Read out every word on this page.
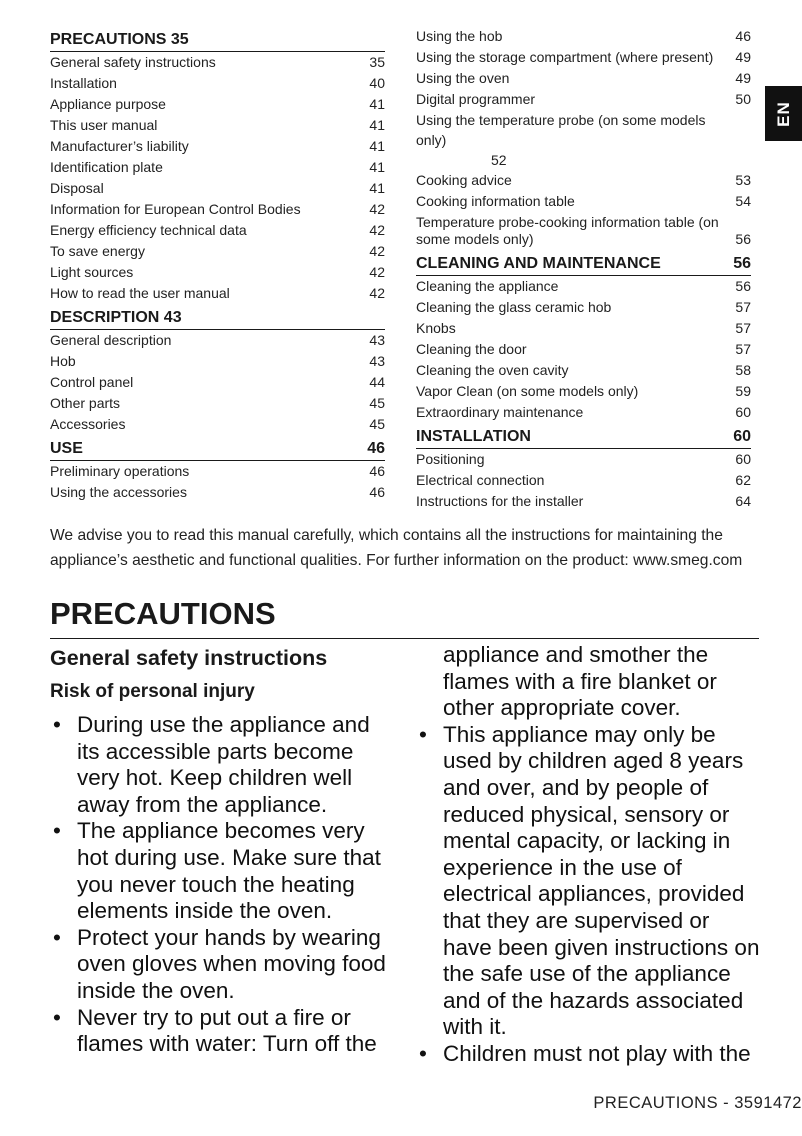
PRECAUTIONS 35
General safety instructions	35
Installation	40
Appliance purpose	41
This user manual	41
Manufacturer’s liability	41
Identification plate	41
Disposal	41
Information for European Control Bodies	42
Energy efficiency technical data	42
To save energy	42
Light sources	42
How to read the user manual	42
DESCRIPTION 43
General description	43
Hob	43
Control panel	44
Other parts	45
Accessories	45
USE	46
Preliminary operations	46
Using the accessories	46
Using the hob	46
Using the storage compartment (where present)	49
Using the oven	49
Digital programmer	50
Using the temperature probe (on some models only)
52
Cooking advice	53
Cooking information table	54
Temperature probe-cooking information table (on some models only)	56
CLEANING AND MAINTENANCE	56
Cleaning the appliance	56
Cleaning the glass ceramic hob	57
Knobs	57
Cleaning the door	57
Cleaning the oven cavity	58
Vapor Clean (on some models only)	59
Extraordinary maintenance	60
INSTALLATION	60
Positioning	60
Electrical connection	62
Instructions for the installer	64
EN

We advise you to read this manual carefully, which contains all the instructions for maintaining the appliance’s aesthetic and functional qualities. For further information on the product: www.smeg.com

PRECAUTIONS
General safety instructions
Risk of personal injury
• During use the appliance and its accessible parts become very hot. Keep children well away from the appliance.
• The appliance becomes very hot during use. Make sure that you never touch the heating elements inside the oven.
• Protect your hands by wearing oven gloves when moving food inside the oven.
• Never try to put out a fire or flames with water: Turn off the
appliance and smother the flames with a fire blanket or other appropriate cover.
• This appliance may only be used by children aged 8 years and over, and by people of reduced physical, sensory or mental capacity, or lacking in experience in the use of electrical appliances, provided that they are supervised or have been given instructions on the safe use of the appliance and of the hazards associated with it.
• Children must not play with the
PRECAUTIONS - 3591472
